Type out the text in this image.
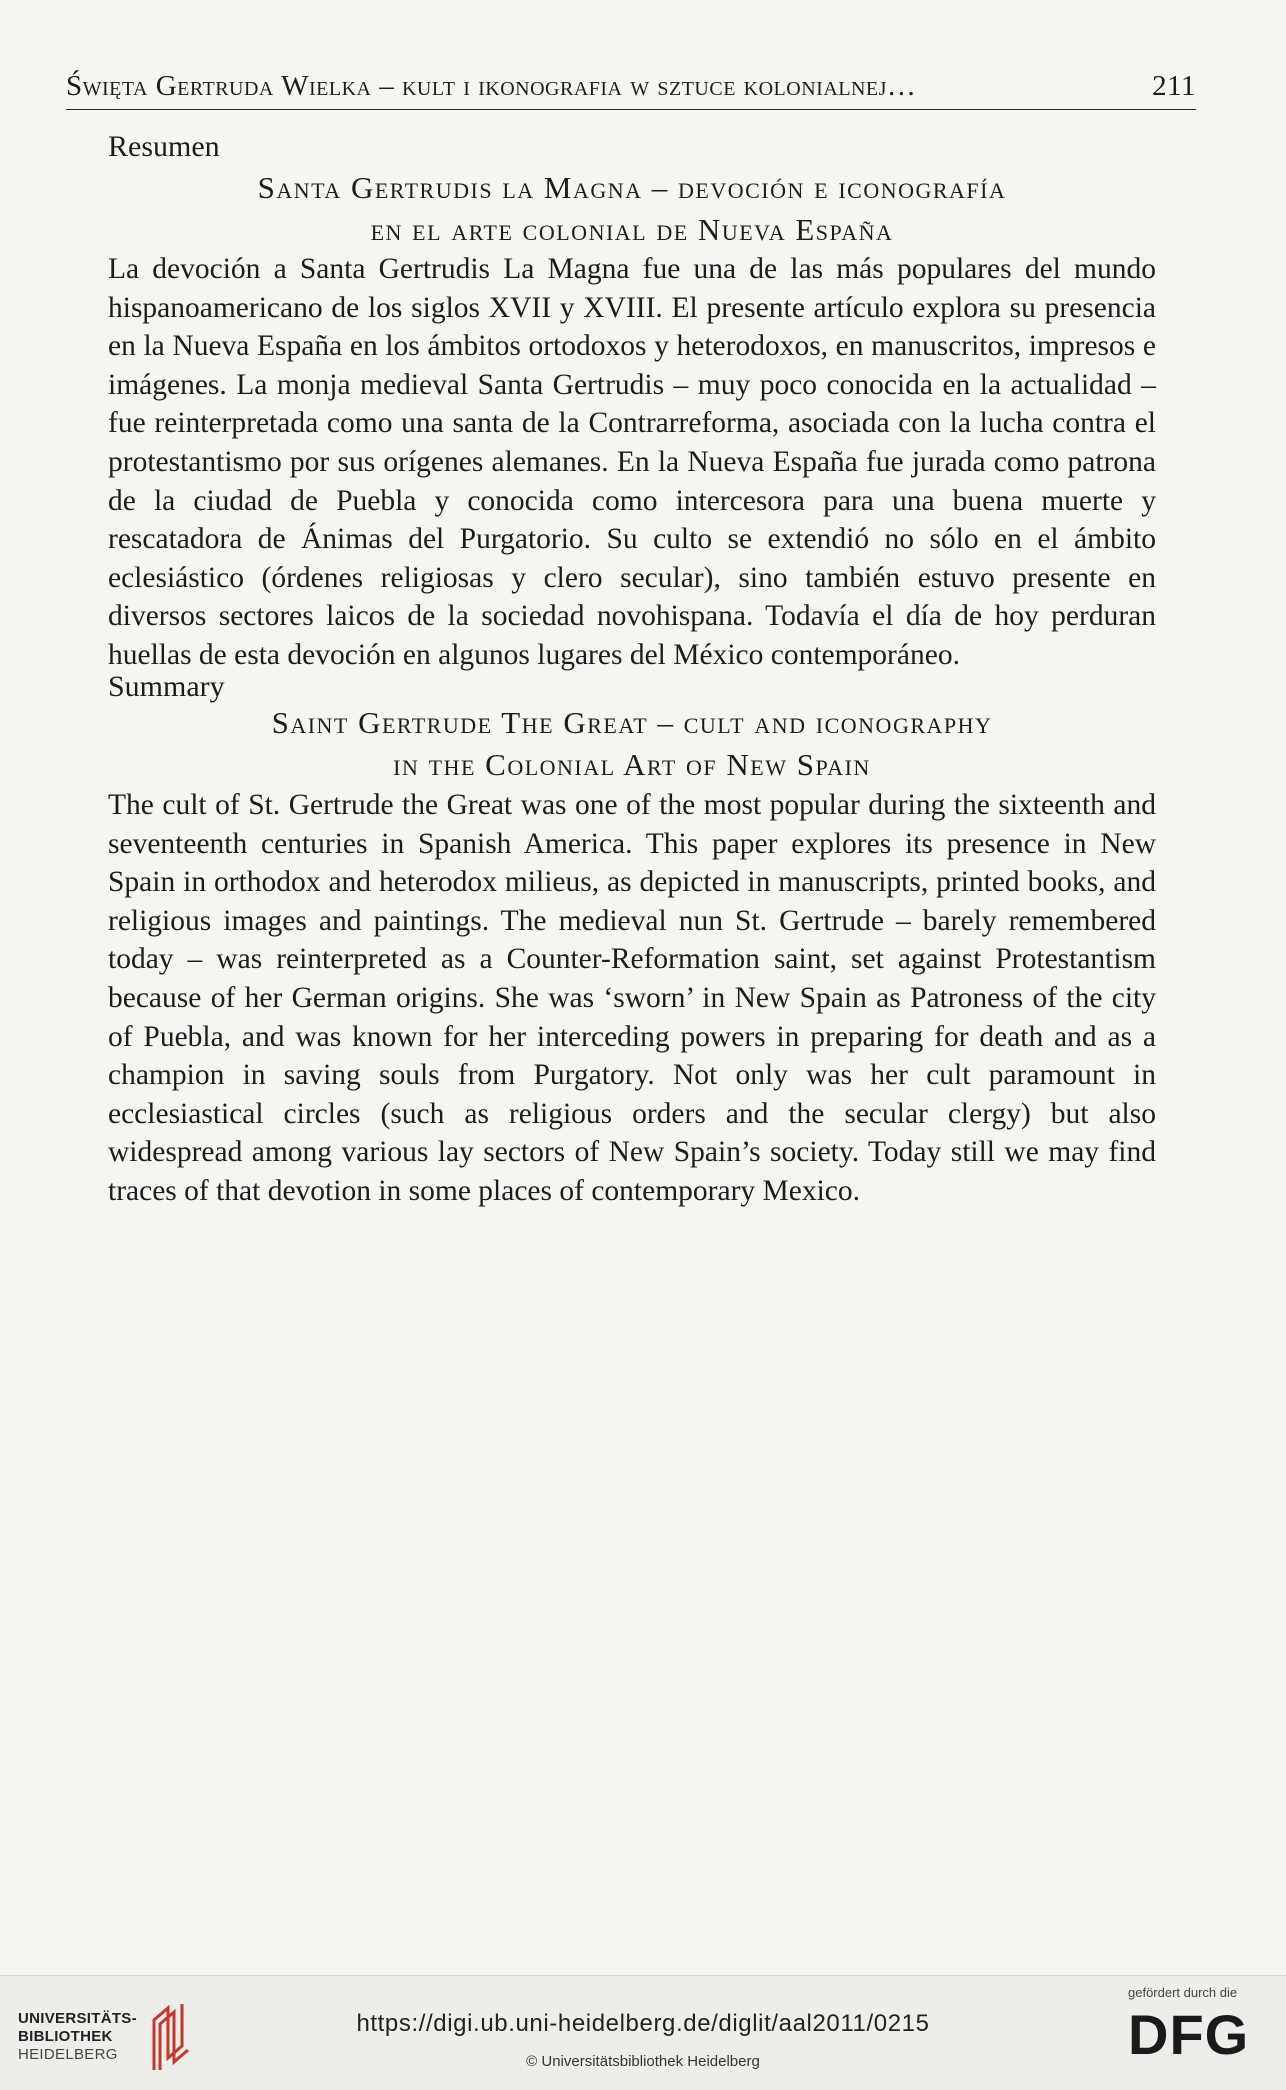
Święta Gertruda Wielka – kult i ikonografia w sztuce kolonialnej…	211
Resumen
Santa Gertrudis la Magna – devoción e iconografía
en el arte colonial de Nueva España

La devoción a Santa Gertrudis La Magna fue una de las más populares del mundo hispanoamericano de los siglos XVII y XVIII. El presente artículo explora su presencia en la Nueva España en los ámbitos ortodoxos y heterodoxos, en manuscritos, impresos e imágenes. La monja medieval Santa Gertrudis – muy poco conocida en la actualidad – fue reinterpretada como una santa de la Contrarreforma, asociada con la lucha contra el protestantismo por sus orígenes alemanes. En la Nueva España fue jurada como patrona de la ciudad de Puebla y conocida como intercesora para una buena muerte y rescatadora de Ánimas del Purgatorio. Su culto se extendió no sólo en el ámbito eclesiástico (órdenes religiosas y clero secular), sino también estuvo presente en diversos sectores laicos de la sociedad novohispana. Todavía el día de hoy perduran huellas de esta devoción en algunos lugares del México contemporáneo.

Summary
Saint Gertrude The Great – cult and iconography
in the Colonial Art of New Spain

The cult of St. Gertrude the Great was one of the most popular during the sixteenth and seventeenth centuries in Spanish America. This paper explores its presence in New Spain in orthodox and heterodox milieus, as depicted in manuscripts, printed books, and religious images and paintings. The medieval nun St. Gertrude – barely remembered today – was reinterpreted as a Counter-Reformation saint, set against Protestantism because of her German origins. She was ‘sworn’ in New Spain as Patroness of the city of Puebla, and was known for her interceding powers in preparing for death and as a champion in saving souls from Purgatory. Not only was her cult paramount in ecclesiastical circles (such as religious orders and the secular clergy) but also widespread among various lay sectors of New Spain’s society. Today still we may find traces of that devotion in some places of contemporary Mexico.

UNIVERSITÄTS-
BIBLIOTHEK
HEIDELBERG
https://digi.ub.uni-heidelberg.de/diglit/aal2011/0215
© Universitätsbibliothek Heidelberg
gefördert durch die
DFG
